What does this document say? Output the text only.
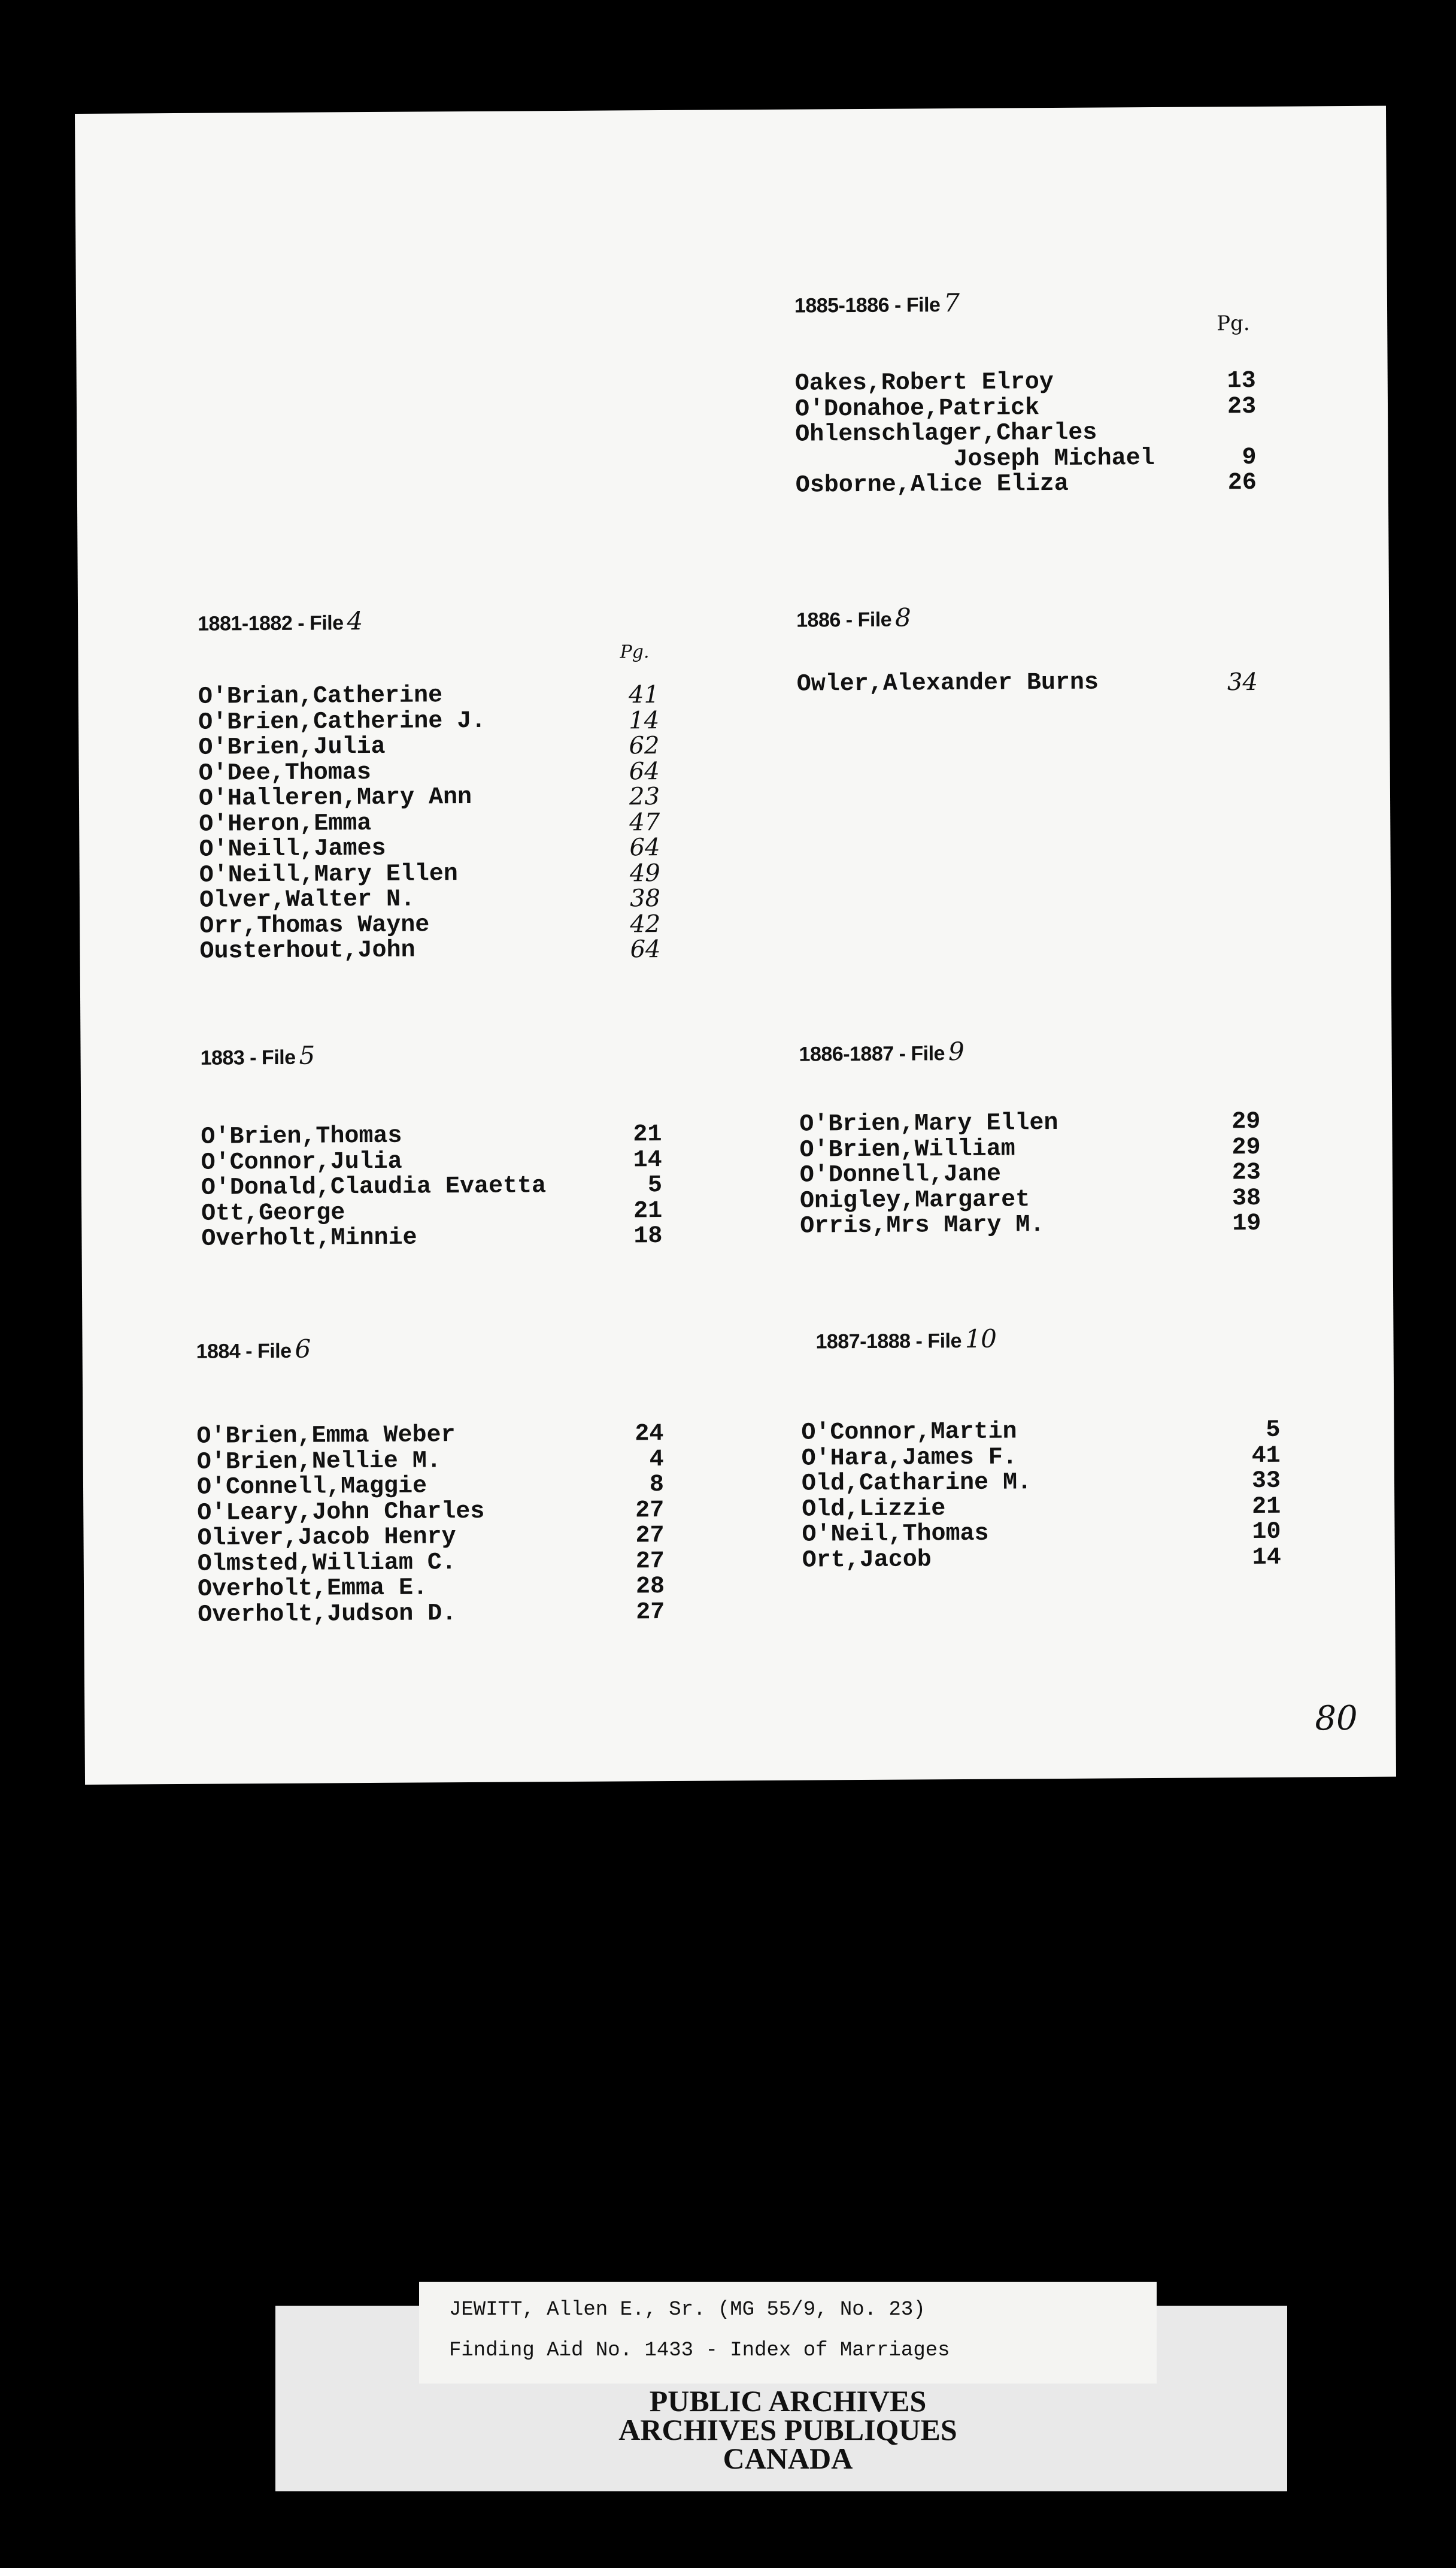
1885-1886 - File 7
Pg.
Oakes,Robert Elroy	13
O'Donahoe,Patrick	23
Ohlenschlager,Charles
Joseph Michael	9
Osborne,Alice Eliza	26
1881-1882 - File 4
Pg.
O'Brian,Catherine	41
O'Brien,Catherine J.	14
O'Brien,Julia	62
O'Dee,Thomas	64
O'Halleren,Mary Ann	23
O'Heron,Emma	47
O'Neill,James	64
O'Neill,Mary Ellen	49
Olver,Walter N.	38
Orr,Thomas Wayne	42
Ousterhout,John	64
1886 - File 8
Owler,Alexander Burns	34
1883 - File 5
O'Brien,Thomas	21
O'Connor,Julia	14
O'Donald,Claudia Evaetta	5
Ott,George	21
Overholt,Minnie	18
1886-1887 - File 9
O'Brien,Mary Ellen	29
O'Brien,William	29
O'Donnell,Jane	23
Onigley,Margaret	38
Orris,Mrs Mary M.	19
1884 - File 6
O'Brien,Emma Weber	24
O'Brien,Nellie M.	4
O'Connell,Maggie	8
O'Leary,John Charles	27
Oliver,Jacob Henry	27
Olmsted,William C.	27
Overholt,Emma E.	28
Overholt,Judson D.	27
1887-1888 - File 10
O'Connor,Martin	5
O'Hara,James F.	41
Old,Catharine M.	33
Old,Lizzie	21
O'Neil,Thomas	10
Ort,Jacob	14
80
JEWITT, Allen E., Sr. (MG 55/9, No. 23)
Finding Aid No. 1433 - Index of Marriages
PUBLIC ARCHIVES
ARCHIVES PUBLIQUES
CANADA
